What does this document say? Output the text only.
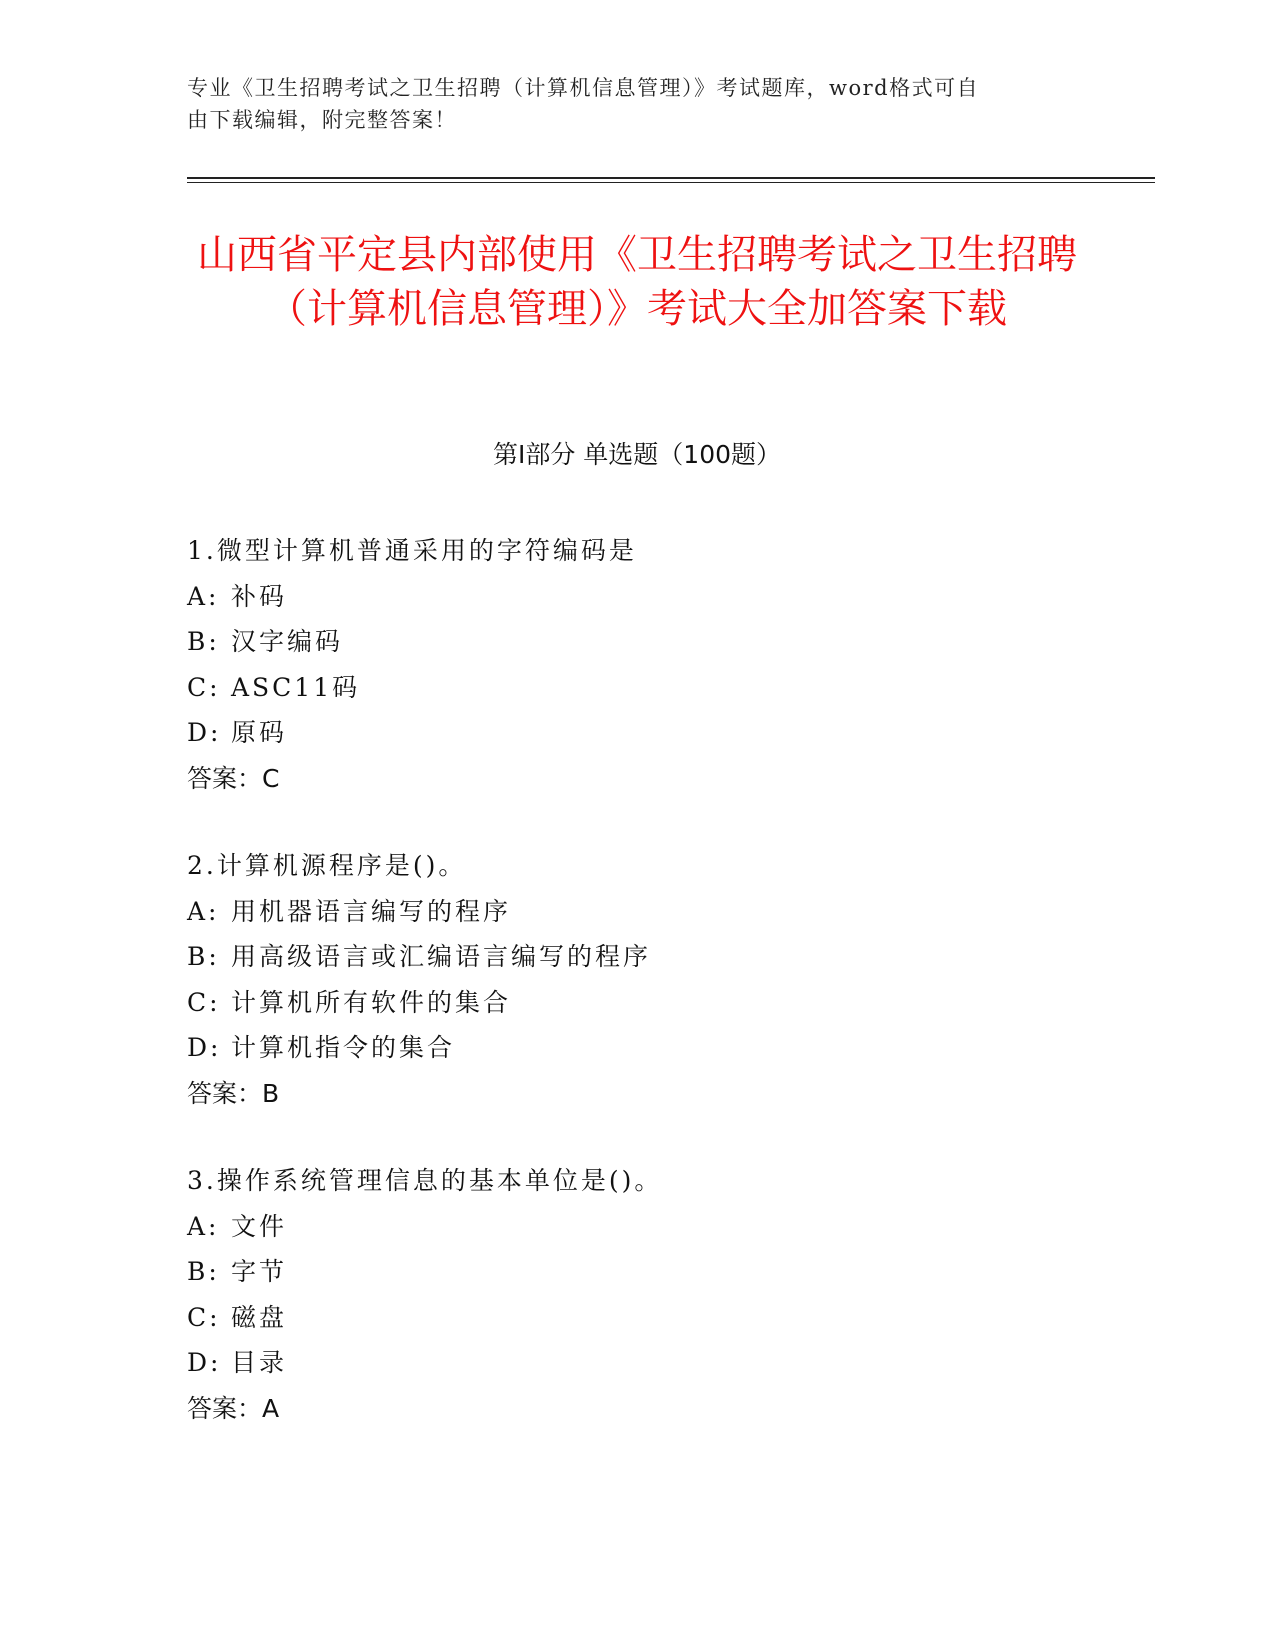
专业《卫生招聘考试之卫生招聘（计算机信息管理）》考试题库，word格式可自
由下载编辑，附完整答案！
山西省平定县内部使用《卫生招聘考试之卫生招聘（计算机信息管理）》考试大全加答案下载
第Ⅰ部分 单选题（100题）
1.微型计算机普通采用的字符编码是
A: 补码
B: 汉字编码
C: ASC11码
D: 原码
答案：C
2.计算机源程序是()。
A: 用机器语言编写的程序
B: 用高级语言或汇编语言编写的程序
C: 计算机所有软件的集合
D: 计算机指令的集合
答案：B
3.操作系统管理信息的基本单位是()。
A: 文件
B: 字节
C: 磁盘
D: 目录
答案：A
